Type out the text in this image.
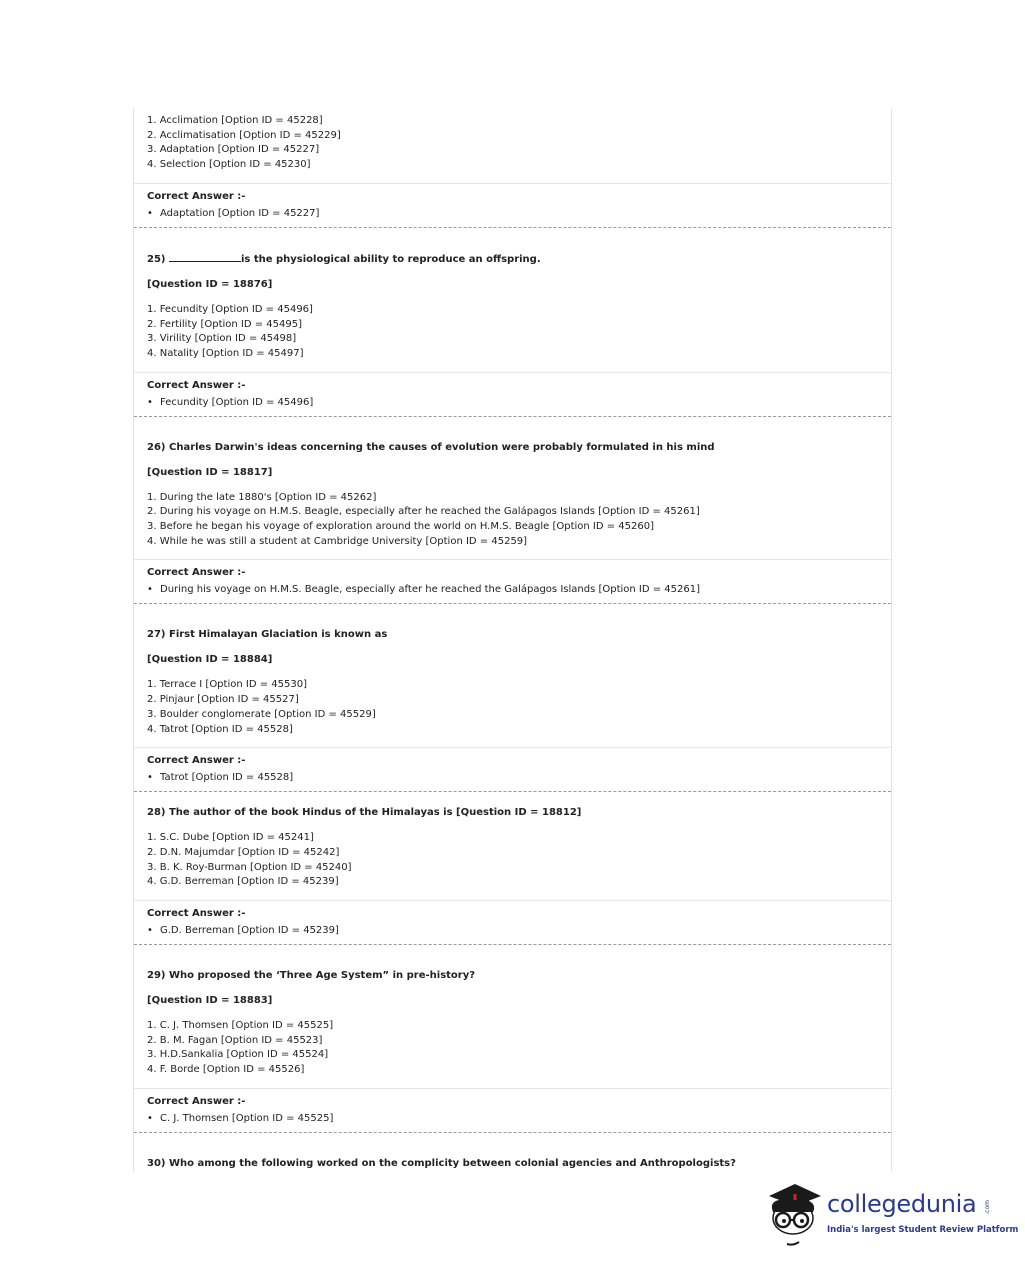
1. Acclimation [Option ID = 45228]
2. Acclimatisation [Option ID = 45229]
3. Adaptation [Option ID = 45227]
4. Selection [Option ID = 45230]
Correct Answer :-
• Adaptation [Option ID = 45227]
25)	is the physiological ability to reproduce an offspring.
[Question ID = 18876]
1. Fecundity [Option ID = 45496]
2. Fertility [Option ID = 45495]
3. Virility [Option ID = 45498]
4. Natality [Option ID = 45497]
Correct Answer :-
• Fecundity [Option ID = 45496]
26) Charles Darwin's ideas concerning the causes of evolution were probably formulated in his mind
[Question ID = 18817]
1. During the late 1880's [Option ID = 45262]
2. During his voyage on H.M.S. Beagle, especially after he reached the Galápagos Islands [Option ID = 45261]
3. Before he began his voyage of exploration around the world on H.M.S. Beagle [Option ID = 45260]
4. While he was still a student at Cambridge University [Option ID = 45259]
Correct Answer :-
• During his voyage on H.M.S. Beagle, especially after he reached the Galápagos Islands [Option ID = 45261]
27) First Himalayan Glaciation is known as
[Question ID = 18884]
1. Terrace I [Option ID = 45530]
2. Pinjaur [Option ID = 45527]
3. Boulder conglomerate [Option ID = 45529]
4. Tatrot [Option ID = 45528]
Correct Answer :-
• Tatrot [Option ID = 45528]
28) The author of the book Hindus of the Himalayas is [Question ID = 18812]
1. S.C. Dube [Option ID = 45241]
2. D.N. Majumdar [Option ID = 45242]
3. B. K. Roy-Burman [Option ID = 45240]
4. G.D. Berreman [Option ID = 45239]
Correct Answer :-
• G.D. Berreman [Option ID = 45239]
29) Who proposed the ‘Three Age System” in pre-history?
[Question ID = 18883]
1. C. J. Thomsen [Option ID = 45525]
2. B. M. Fagan [Option ID = 45523]
3. H.D.Sankalia [Option ID = 45524]
4. F. Borde [Option ID = 45526]
Correct Answer :-
• C. J. Thomsen [Option ID = 45525]
30) Who among the following worked on the complicity between colonial agencies and Anthropologists?
collegedunia .com
India's largest Student Review Platform
